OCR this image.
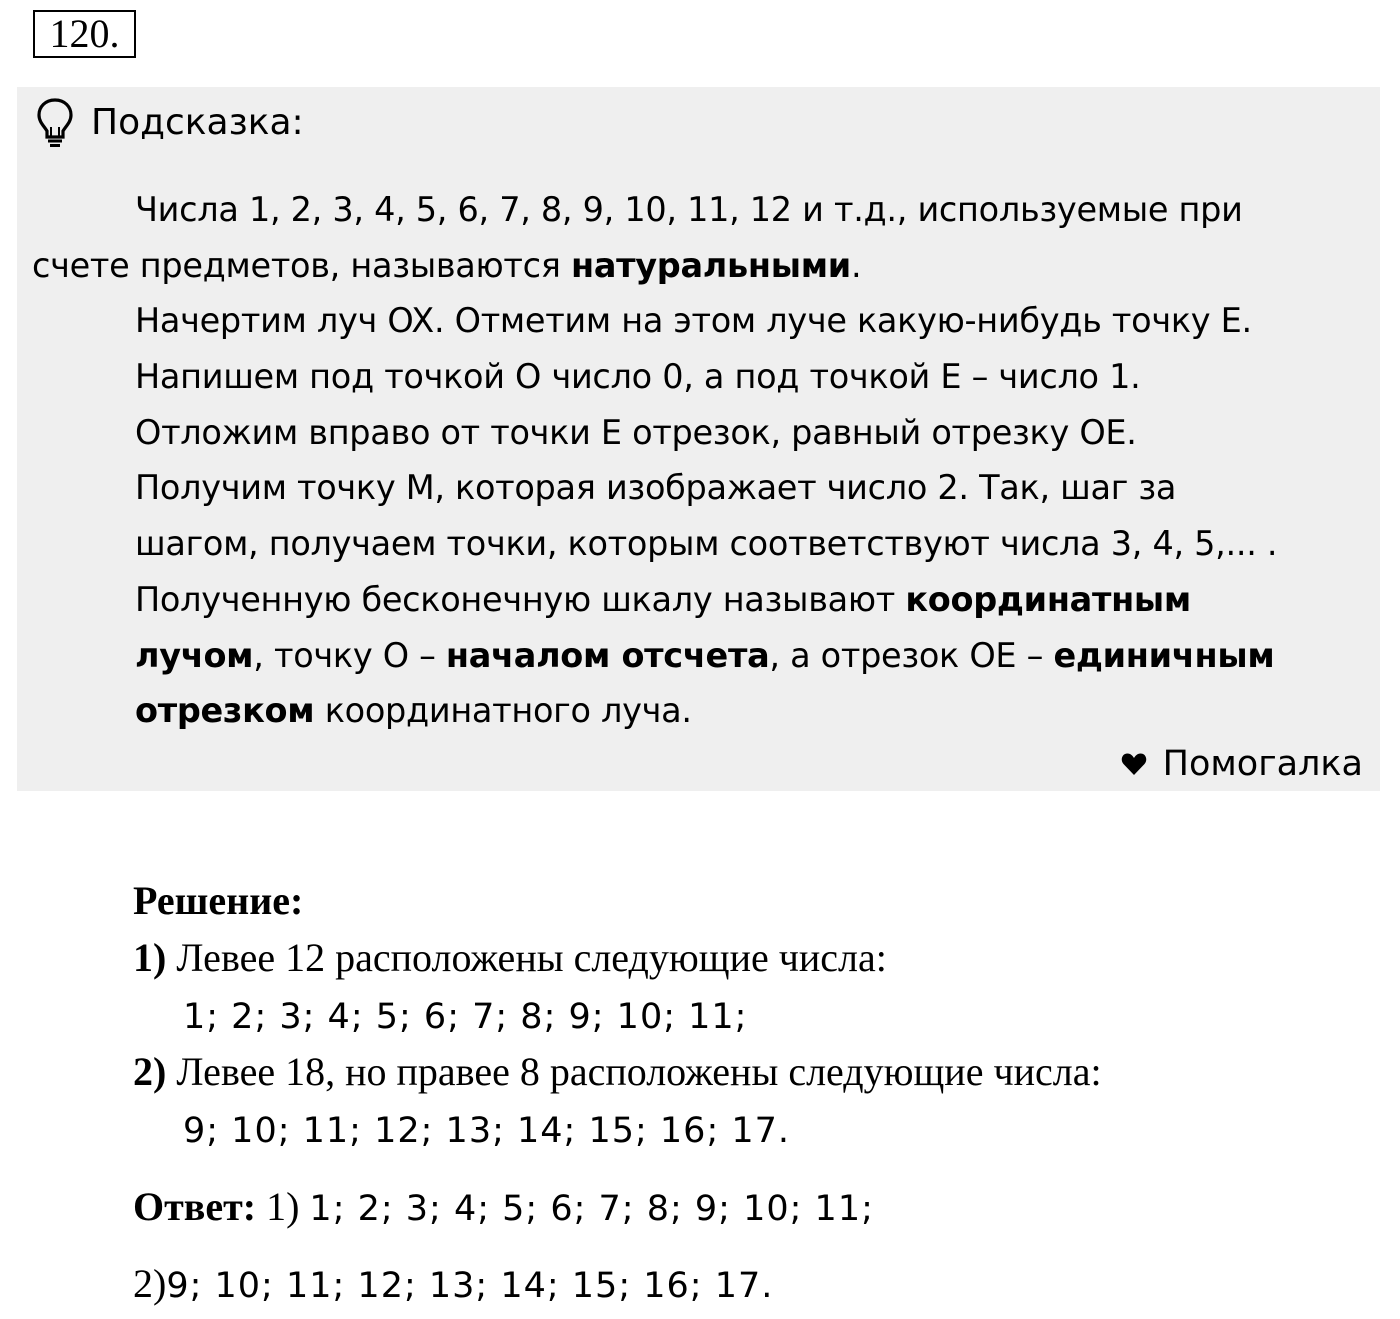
120.
Подсказка:
Числа 1, 2, 3, 4, 5, 6, 7, 8, 9, 10, 11, 12 и т.д., используемые при
счете предметов, называются натуральными.
Начертим луч OX. Отметим на этом луче какую-нибудь точку E.
Напишем под точкой O число 0, а под точкой E – число 1.
Отложим вправо от точки E отрезок, равный отрезку OE.
Получим точку M, которая изображает число 2. Так, шаг за
шагом, получаем точки, которым соответствуют числа 3, 4, 5,... .
Полученную бесконечную шкалу называют координатным
лучом, точку O – началом отсчета, а отрезок OE – единичным
отрезком координатного луча.
Помогалка
Решение:
1) Левее 12 расположены следующие числа:
1; 2; 3; 4; 5; 6; 7; 8; 9; 10; 11;
2) Левее 18, но правее 8 расположены следующие числа:
9; 10; 11; 12; 13; 14; 15; 16; 17.
Ответ: 1) 1; 2; 3; 4; 5; 6; 7; 8; 9; 10; 11;
2)9; 10; 11; 12; 13; 14; 15; 16; 17.
